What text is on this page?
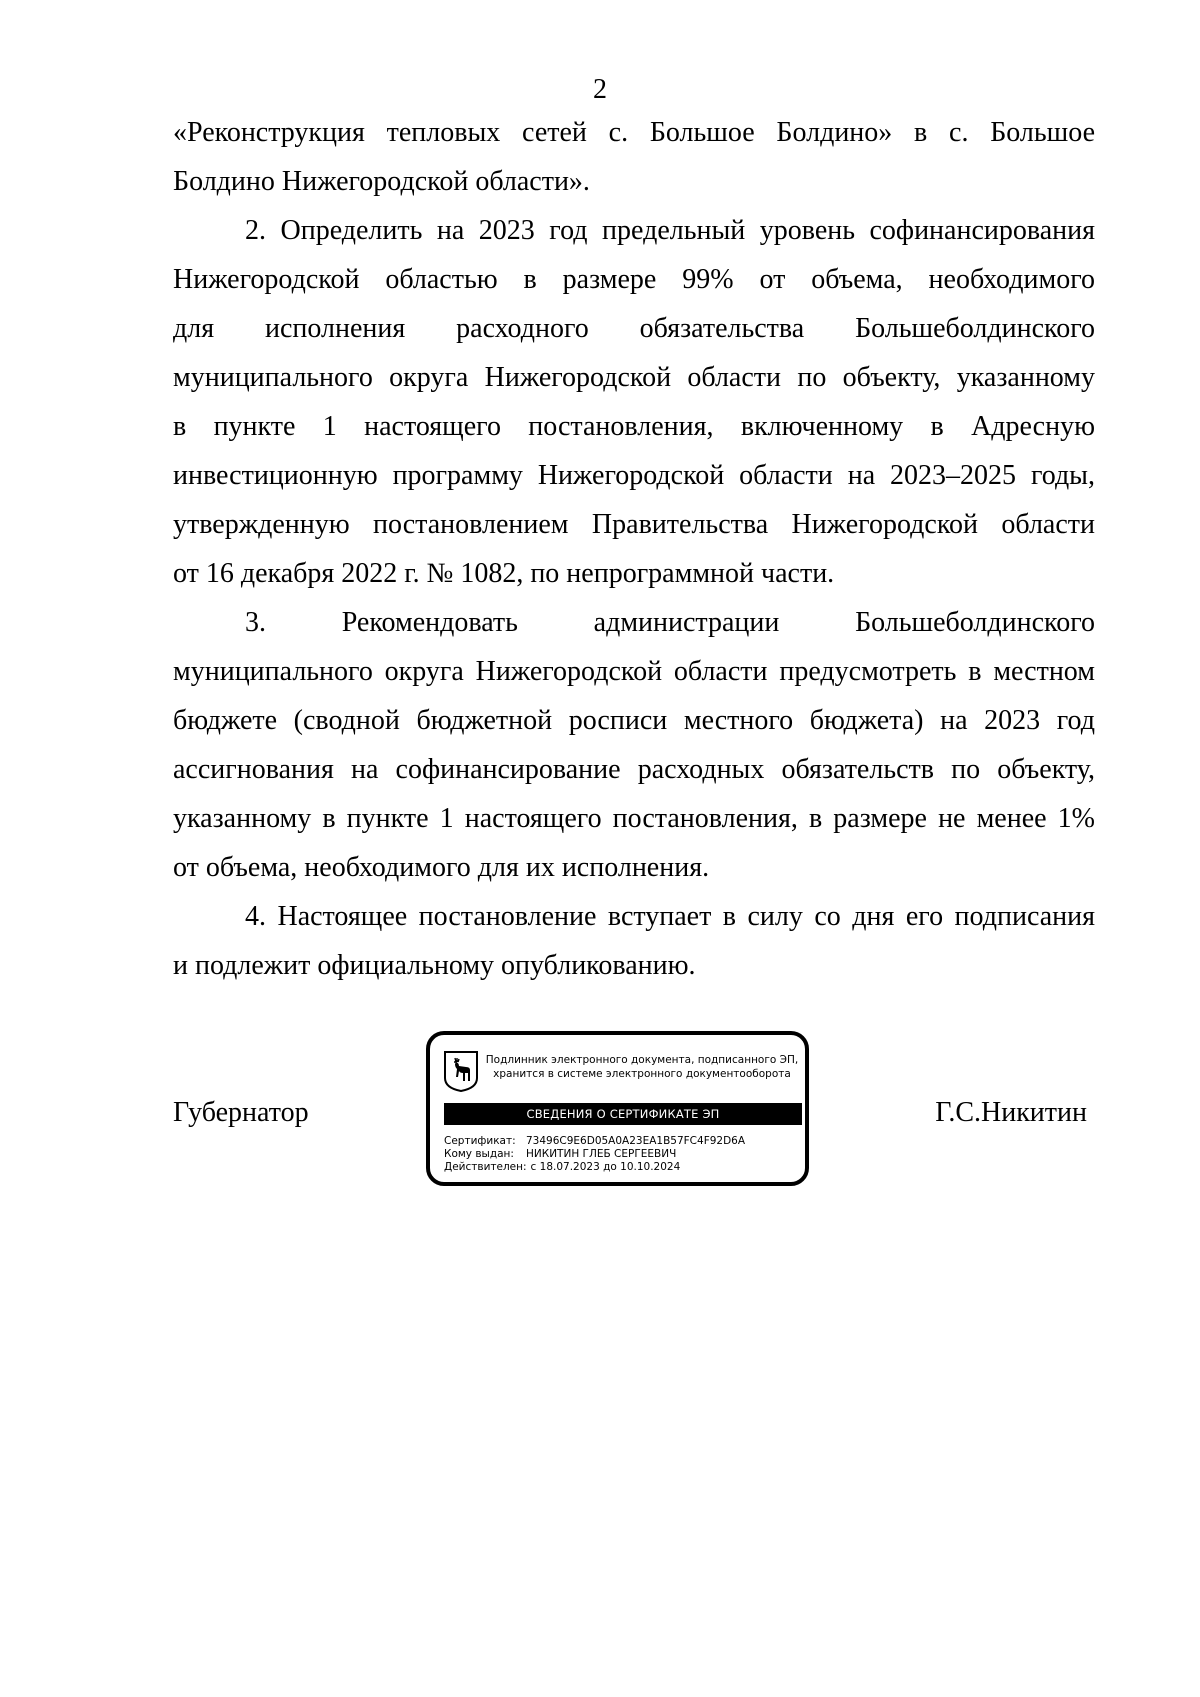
2

«Реконструкция тепловых сетей с. Большое Болдино» в с. Большое
Болдино Нижегородской области».

2. Определить на 2023 год предельный уровень софинансирования
Нижегородской областью в размере 99% от объема, необходимого
для исполнения расходного обязательства Большеболдинского
муниципального округа Нижегородской области по объекту, указанному
в пункте 1 настоящего постановления, включенному в Адресную
инвестиционную программу Нижегородской области на 2023–2025 годы,
утвержденную постановлением Правительства Нижегородской области
от 16 декабря 2022 г. № 1082, по непрограммной части.

3. Рекомендовать администрации Большеболдинского
муниципального округа Нижегородской области предусмотреть в местном
бюджете (сводной бюджетной росписи местного бюджета) на 2023 год
ассигнования на софинансирование расходных обязательств по объекту,
указанному в пункте 1 настоящего постановления, в размере не менее 1%
от объема, необходимого для их исполнения.

4. Настоящее постановление вступает в силу со дня его подписания
и подлежит официальному опубликованию.

Губернатор	Г.С.Никитин
Подлинник электронного документа, подписанного ЭП,
хранится в системе электронного документооборота
СВЕДЕНИЯ О СЕРТИФИКАТЕ ЭП
Сертификат: 73496C9E6D05A0A23EA1B57FC4F92D6A
Кому выдан: НИКИТИН ГЛЕБ СЕРГЕЕВИЧ
Действителен: с 18.07.2023 до 10.10.2024
